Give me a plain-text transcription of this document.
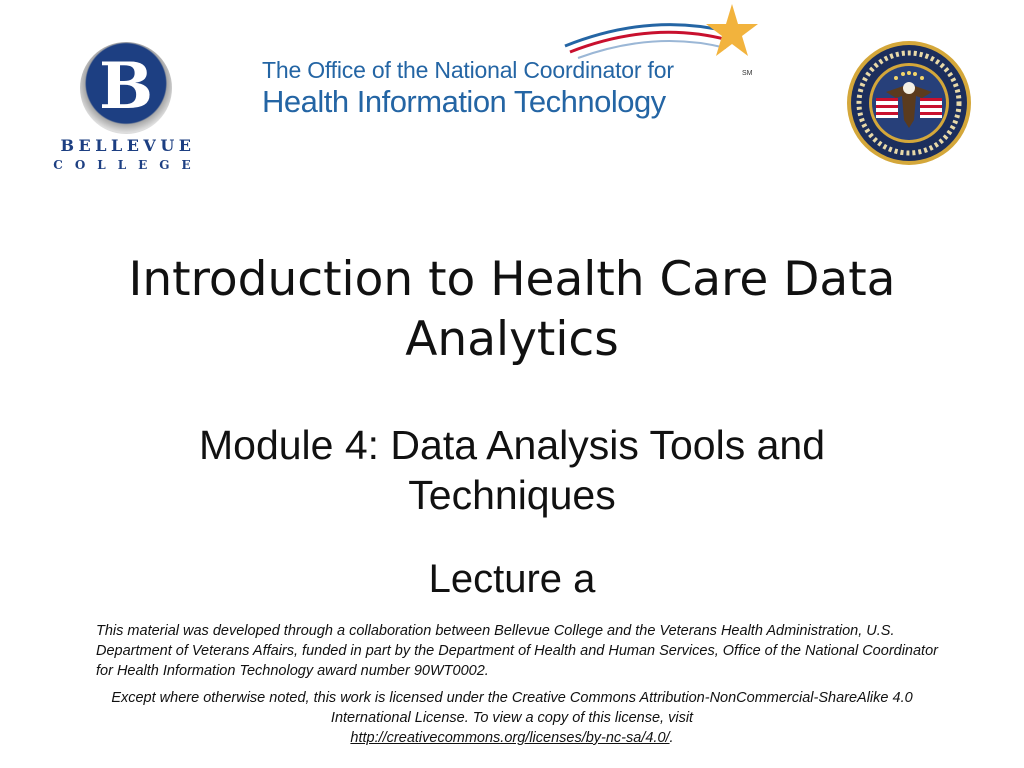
B
BELLEVUE
COLLEGE
The Office of the National Coordinator for
Health Information Technology
SM
Introduction to Health Care Data Analytics
Module 4: Data Analysis Tools and Techniques
Lecture a
This material was developed through a collaboration between Bellevue College and the Veterans Health Administration, U.S. Department of Veterans Affairs, funded in part by the Department of Health and Human Services, Office of the National Coordinator for Health Information Technology award number 90WT0002.
Except where otherwise noted, this work is licensed under the Creative Commons Attribution-NonCommercial-ShareAlike 4.0 International License. To view a copy of this license, visit
http://creativecommons.org/licenses/by-nc-sa/4.0/.
